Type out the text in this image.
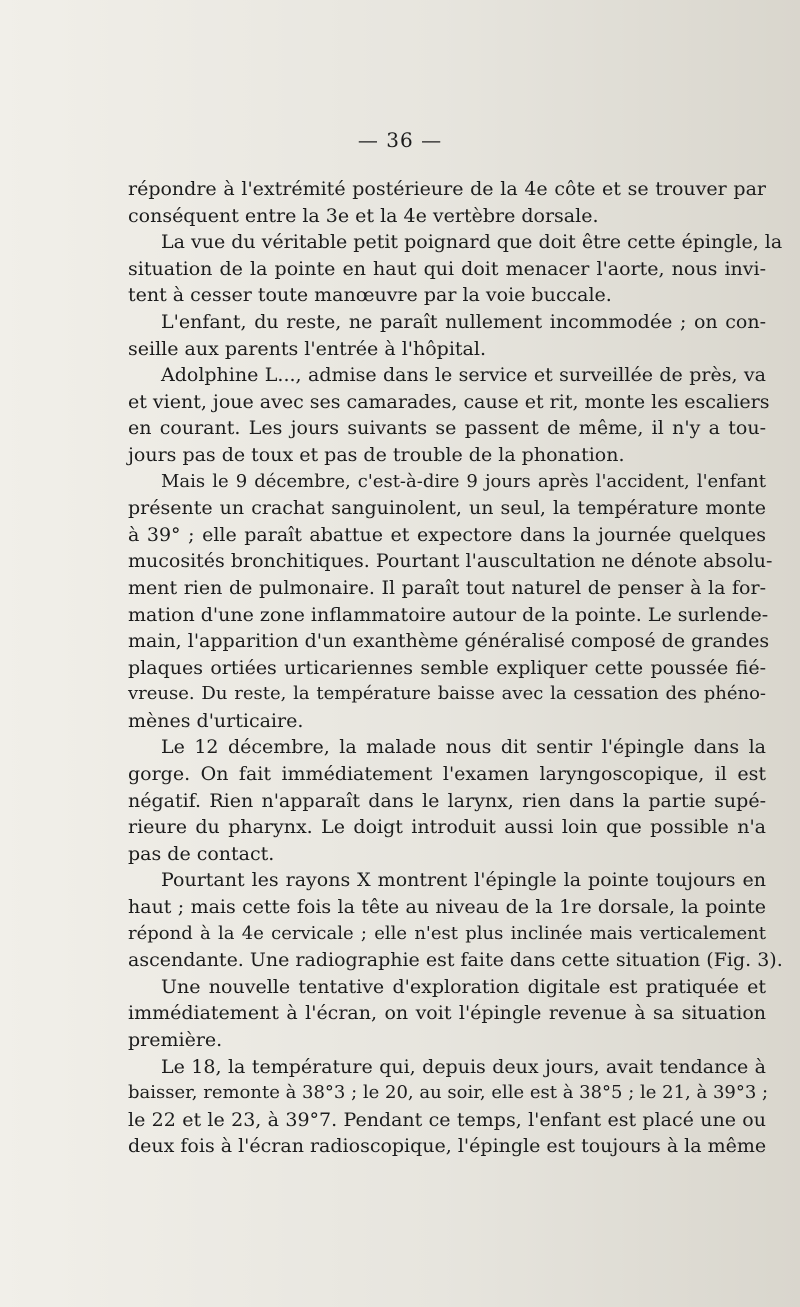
— 36 —
répondre à l'extrémité postérieure de la 4e côte et se trouver par
conséquent entre la 3e et la 4e vertèbre dorsale.
La vue du véritable petit poignard que doit être cette épingle, la
situation de la pointe en haut qui doit menacer l'aorte, nous invi-
tent à cesser toute manœuvre par la voie buccale.
L'enfant, du reste, ne paraît nullement incommodée ; on con-
seille aux parents l'entrée à l'hôpital.
Adolphine L..., admise dans le service et surveillée de près, va
et vient, joue avec ses camarades, cause et rit, monte les escaliers
en courant. Les jours suivants se passent de même, il n'y a tou-
jours pas de toux et pas de trouble de la phonation.
Mais le 9 décembre, c'est-à-dire 9 jours après l'accident, l'enfant
présente un crachat sanguinolent, un seul, la température monte
à 39° ; elle paraît abattue et expectore dans la journée quelques
mucosités bronchitiques. Pourtant l'auscultation ne dénote absolu-
ment rien de pulmonaire. Il paraît tout naturel de penser à la for-
mation d'une zone inflammatoire autour de la pointe. Le surlende-
main, l'apparition d'un exanthème généralisé composé de grandes
plaques ortiées urticariennes semble expliquer cette poussée fié-
vreuse. Du reste, la température baisse avec la cessation des phéno-
mènes d'urticaire.
Le 12 décembre, la malade nous dit sentir l'épingle dans la
gorge. On fait immédiatement l'examen laryngoscopique, il est
négatif. Rien n'apparaît dans le larynx, rien dans la partie supé-
rieure du pharynx. Le doigt introduit aussi loin que possible n'a
pas de contact.
Pourtant les rayons X montrent l'épingle la pointe toujours en
haut ; mais cette fois la tête au niveau de la 1re dorsale, la pointe
répond à la 4e cervicale ; elle n'est plus inclinée mais verticalement
ascendante. Une radiographie est faite dans cette situation (Fig. 3).
Une nouvelle tentative d'exploration digitale est pratiquée et
immédiatement à l'écran, on voit l'épingle revenue à sa situation
première.
Le 18, la température qui, depuis deux jours, avait tendance à
baisser, remonte à 38°3 ; le 20, au soir, elle est à 38°5 ; le 21, à 39°3 ;
le 22 et le 23, à 39°7. Pendant ce temps, l'enfant est placé une ou
deux fois à l'écran radioscopique, l'épingle est toujours à la même
